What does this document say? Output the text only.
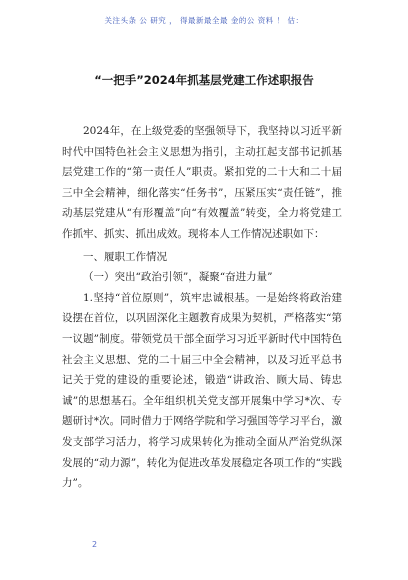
关注头条 公 研究 ， 得最新最全最 金的公 资料 ！ 估：
“一把手”2024年抓基层党建工作述职报告

2024年，在上级党委的坚强领导下，我坚持以习近平新时代中国特色社会主义思想为指引，主动扛起支部书记抓基层党建工作的“第一责任人”职责。紧扣党的二十大和二十届三中全会精神，细化落实“任务书”，压紧压实“责任链”，推动基层党建从“有形覆盖”向“有效覆盖”转变，全力将党建工作抓牢、抓实、抓出成效。现将本人工作情况述职如下：

一、履职工作情况

（一）突出“政治引领”，凝聚“奋进力量”

1.坚持“首位原则”，筑牢忠诚根基。一是始终将政治建设摆在首位，以巩固深化主题教育成果为契机，严格落实“第一议题”制度。带领党员干部全面学习习近平新时代中国特色社会主义思想、党的二十届三中全会精神，以及习近平总书记关于党的建设的重要论述，锻造“讲政治、顾大局、铸忠诚”的思想基石。全年组织机关党支部开展集中学习*次、专题研讨*次。同时借力于网络学院和学习强国等学习平台，激发支部学习活力，将学习成果转化为推动全面从严治党纵深发展的“动力源”，转化为促进改革发展稳定各项工作的“实践力”。

2
